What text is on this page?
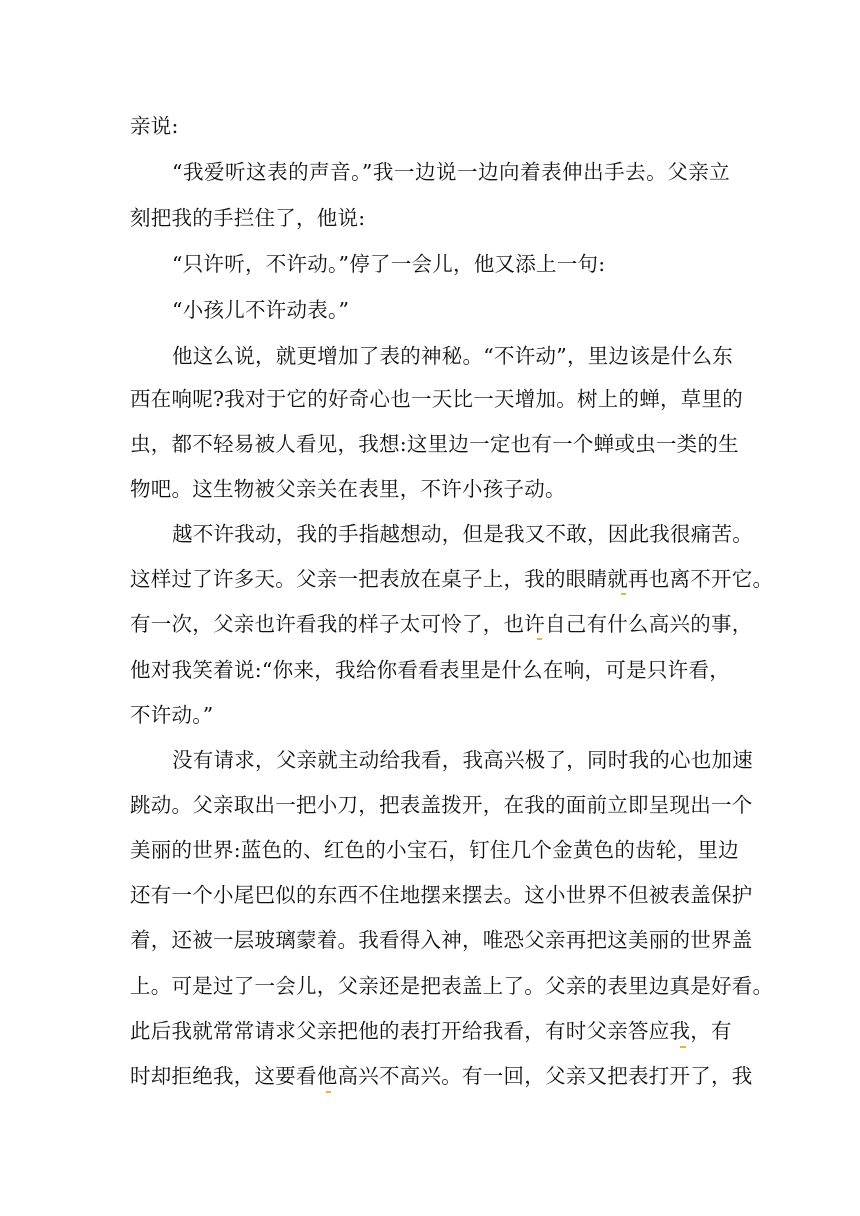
亲说:
“我爱听这表的声音。”我一边说一边向着表伸出手去。父亲立
刻把我的手拦住了，他说:
“只许听，不许动。”停了一会儿，他又添上一句:
“小孩儿不许动表。”
他这么说，就更增加了表的神秘。“不许动”，里边该是什么东
西在响呢?我对于它的好奇心也一天比一天增加。树上的蝉，草里的
虫，都不轻易被人看见，我想:这里边一定也有一个蝉或虫一类的生
物吧。这生物被父亲关在表里，不许小孩子动。
越不许我动，我的手指越想动，但是我又不敢，因此我很痛苦。
这样过了许多天。父亲一把表放在桌子上，我的眼睛就再也离不开它。
有一次，父亲也许看我的样子太可怜了，也许自己有什么高兴的事，
他对我笑着说:“你来，我给你看看表里是什么在响，可是只许看，
不许动。”
没有请求，父亲就主动给我看，我高兴极了，同时我的心也加速
跳动。父亲取出一把小刀，把表盖拨开，在我的面前立即呈现出一个
美丽的世界:蓝色的、红色的小宝石，钉住几个金黄色的齿轮，里边
还有一个小尾巴似的东西不住地摆来摆去。这小世界不但被表盖保护
着，还被一层玻璃蒙着。我看得入神，唯恐父亲再把这美丽的世界盖
上。可是过了一会儿，父亲还是把表盖上了。父亲的表里边真是好看。
此后我就常常请求父亲把他的表打开给我看，有时父亲答应我，有
时却拒绝我，这要看他高兴不高兴。有一回，父亲又把表打开了，我
